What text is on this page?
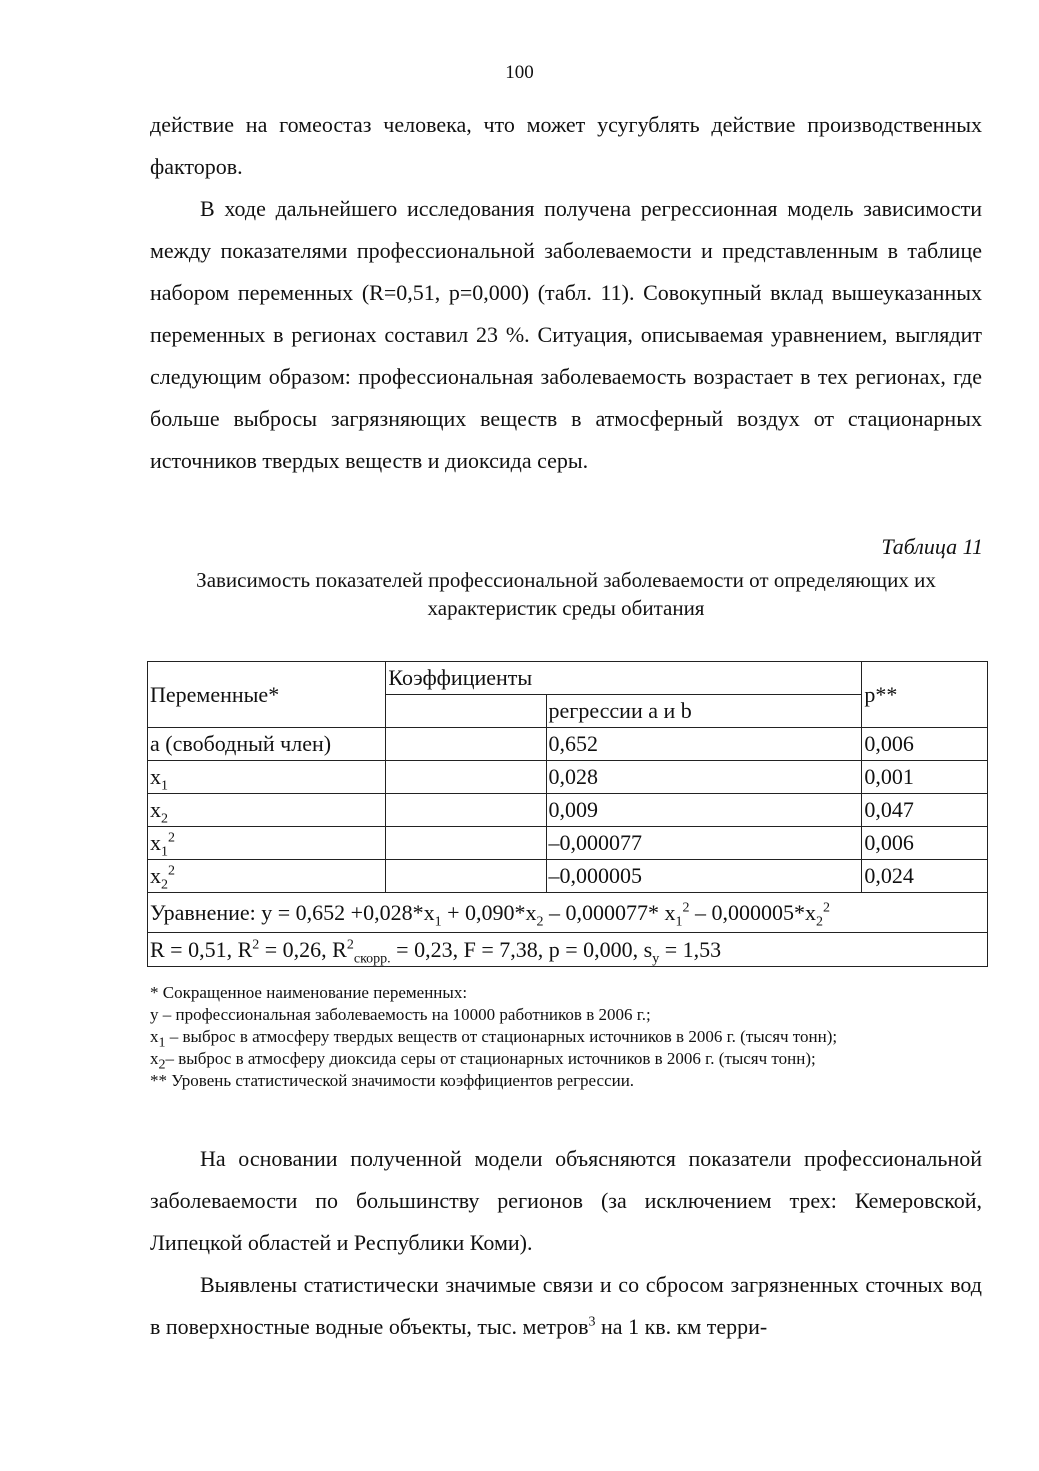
100

действие на гомеостаз человека, что может усугублять действие производственных факторов.

В ходе дальнейшего исследования получена регрессионная модель зависимости между показателями профессиональной заболеваемости и представленным в таблице набором переменных (R=0,51, p=0,000) (табл. 11). Совокупный вклад вышеуказанных переменных в регионах составил 23 %. Ситуация, описываемая уравнением, выглядит следующим образом: профессиональная заболеваемость возрастает в тех регионах, где больше выбросы загрязняющих веществ в атмосферный воздух от стационарных источников твердых веществ и диоксида серы.

Таблица 11
Зависимость показателей профессиональной заболеваемости от определяющих их характеристик среды обитания
Переменные*	Коэффициенты		p**
		регрессии a и b	
a (свободный член)		0,652	0,006
$x_1$		0,028	0,001
$x_2$		0,009	0,047
$x_1^2$		–0,000077	0,006
$x_2^2$		–0,000005	0,024
Уравнение: $y = 0,652 +0,028*x_1 + 0,090*x_2 - 0,000077*$ $x_1^2 - 0,000005*x_2^2$
R = 0,51, $R^2 = 0,26$, $R^2_{скорр.} = 0,23$, F = 7,38, p = 0,000, $s_y = 1,53$			

* Сокращенное наименование переменных:

y – профессиональная заболеваемость на 10000 работников в 2006 г.;

$x_1$ – выброс в атмосферу твердых веществ от стационарных источников в 2006 г. (тысяч тонн);

$x_2-$ выброс в атмосферу диоксида серы от стационарных источников в 2006 г. (тысяч тонн);

** Уровень статистической значимости коэффициентов регрессии.

На основании полученной модели объясняются показатели профессиональной заболеваемости по большинству регионов (за исключением трех: Кемеровской, Липецкой областей и Республики Коми).

Выявлены статистически значимые связи и со сбросом загрязненных сточных вод в поверхностные водные объекты, тыс. метров$^3$ на 1 кв. км терри-
